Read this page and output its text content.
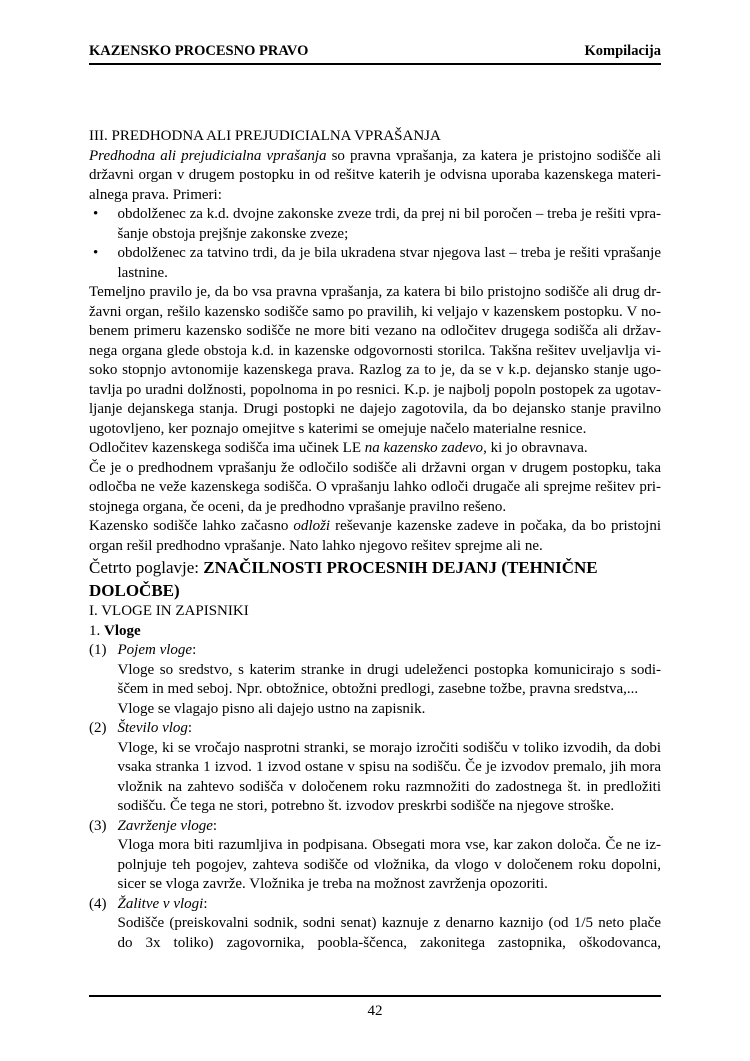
KAZENSKO PROCESNO PRAVO	Kompilacija

III. PREDHODNA ALI PREJUDICIALNA VPRAŠANJA

Predhodna ali prejudicialna vprašanja so pravna vprašanja, za katera je pristojno sodišče ali državni organ v drugem postopku in od rešitve katerih je odvisna uporaba kazenskega materi-alnega prava. Primeri:

• obdolženec za k.d. dvojne zakonske zveze trdi, da prej ni bil poročen – treba je rešiti vpra-šanje obstoja prejšnje zakonske zveze;
• obdolženec za tatvino trdi, da je bila ukradena stvar njegova last – treba je rešiti vprašanje lastnine.

Temeljno pravilo je, da bo vsa pravna vprašanja, za katera bi bilo pristojno sodišče ali drug dr-žavni organ, rešilo kazensko sodišče samo po pravilih, ki veljajo v kazenskem postopku. V no-benem primeru kazensko sodišče ne more biti vezano na odločitev drugega sodišča ali držav-nega organa glede obstoja k.d. in kazenske odgovornosti storilca. Takšna rešitev uveljavlja vi-soko stopnjo avtonomije kazenskega prava. Razlog za to je, da se v k.p. dejansko stanje ugo-tavlja po uradni dolžnosti, popolnoma in po resnici. K.p. je najbolj popoln postopek za ugotav-ljanje dejanskega stanja. Drugi postopki ne dajejo zagotovila, da bo dejansko stanje pravilno ugotovljeno, ker poznajo omejitve s katerimi se omejuje načelo materialne resnice.

Odločitev kazenskega sodišča ima učinek LE na kazensko zadevo, ki jo obravnava.

Če je o predhodnem vprašanju že odločilo sodišče ali državni organ v drugem postopku, taka odločba ne veže kazenskega sodišča. O vprašanju lahko odloči drugače ali sprejme rešitev pri-stojnega organa, če oceni, da je predhodno vprašanje pravilno rešeno.

Kazensko sodišče lahko začasno odloži reševanje kazenske zadeve in počaka, da bo pristojni organ rešil predhodno vprašanje. Nato lahko njegovo rešitev sprejme ali ne.

Četrto poglavje: ZNAČILNOSTI PROCESNIH DEJANJ (TEHNIČNE DOLOČBE)

I. VLOGE IN ZAPISNIKI

1. Vloge

(1) Pojem vloge:

Vloge so sredstvo, s katerim stranke in drugi udeleženci postopka komunicirajo s sodi-ščem in med seboj. Npr. obtožnice, obtožni predlogi, zasebne tožbe, pravna sredstva,...

Vloge se vlagajo pisno ali dajejo ustno na zapisnik.

(2) Število vlog:

Vloge, ki se vročajo nasprotni stranki, se morajo izročiti sodišču v toliko izvodih, da dobi vsaka stranka 1 izvod. 1 izvod ostane v spisu na sodišču. Če je izvodov premalo, jih mora vložnik na zahtevo sodišča v določenem roku razmnožiti do zadostnega št. in predložiti sodišču. Če tega ne stori, potrebno št. izvodov preskrbi sodišče na njegove stroške.

(3) Zavrženje vloge:

Vloga mora biti razumljiva in podpisana. Obsegati mora vse, kar zakon določa. Če ne iz-polnjuje teh pogojev, zahteva sodišče od vložnika, da vlogo v določenem roku dopolni, sicer se vloga zavrže. Vložnika je treba na možnost zavrženja opozoriti.

(4) Žalitve v vlogi:

Sodišče (preiskovalni sodnik, sodni senat) kaznuje z denarno kaznijo (od 1/5 neto plače do 3x toliko) zagovornika, poobla-ščenca, zakonitega zastopnika, oškodovanca,

42
